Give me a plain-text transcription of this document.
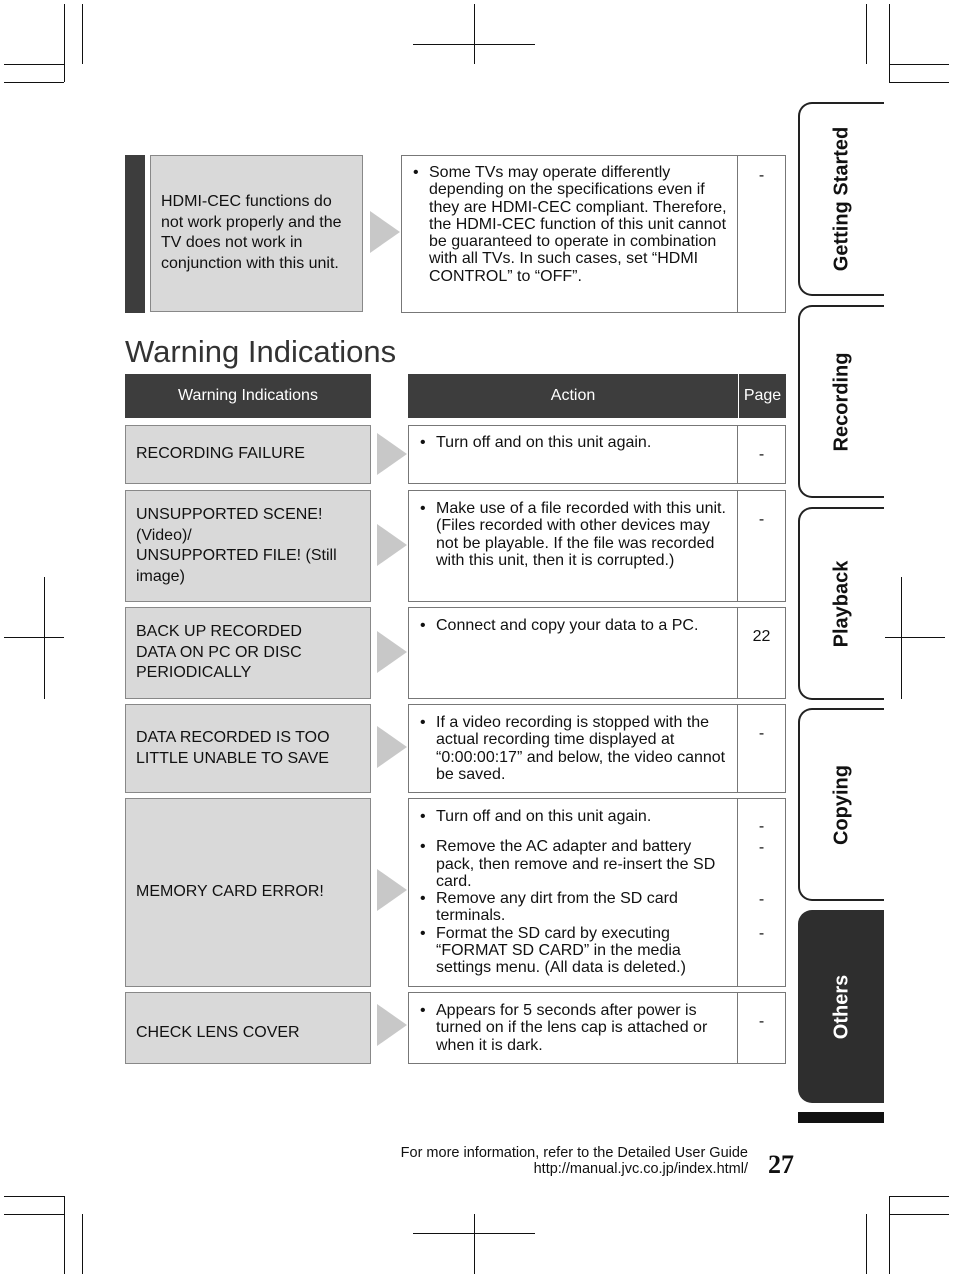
HDMI-CEC functions do not work properly and the TV does not work in conjunction with this unit.
• Some TVs may operate differently depending on the specifications even if they are HDMI-CEC compliant. Therefore, the HDMI-CEC function of this unit cannot be guaranteed to operate in combination with all TVs. In such cases, set “HDMI CONTROL” to “OFF”.
-
Warning Indications
Warning Indications	Action	Page
RECORDING FAILURE
• Turn off and on this unit again.
-
UNSUPPORTED SCENE! (Video)/
UNSUPPORTED FILE! (Still image)
• Make use of a file recorded with this unit. (Files recorded with other devices may not be playable. If the file was recorded with this unit, then it is corrupted.)
-
BACK UP RECORDED DATA ON PC OR DISC PERIODICALLY
• Connect and copy your data to a PC.
22
DATA RECORDED IS TOO LITTLE UNABLE TO SAVE
• If a video recording is stopped with the actual recording time displayed at “0:00:00:17” and below, the video cannot be saved.
-
MEMORY CARD ERROR!
• Turn off and on this unit again.
• Remove the AC adapter and battery pack, then remove and re-insert the SD card.
• Remove any dirt from the SD card terminals.
• Format the SD card by executing “FORMAT SD CARD” in the media settings menu. (All data is deleted.)
-
-
-
-
CHECK LENS COVER
• Appears for 5 seconds after power is turned on if the lens cap is attached or when it is dark.
-
Getting Started
Recording
Playback
Copying
Others
For more information, refer to the Detailed User Guide
http://manual.jvc.co.jp/index.html/ 27
